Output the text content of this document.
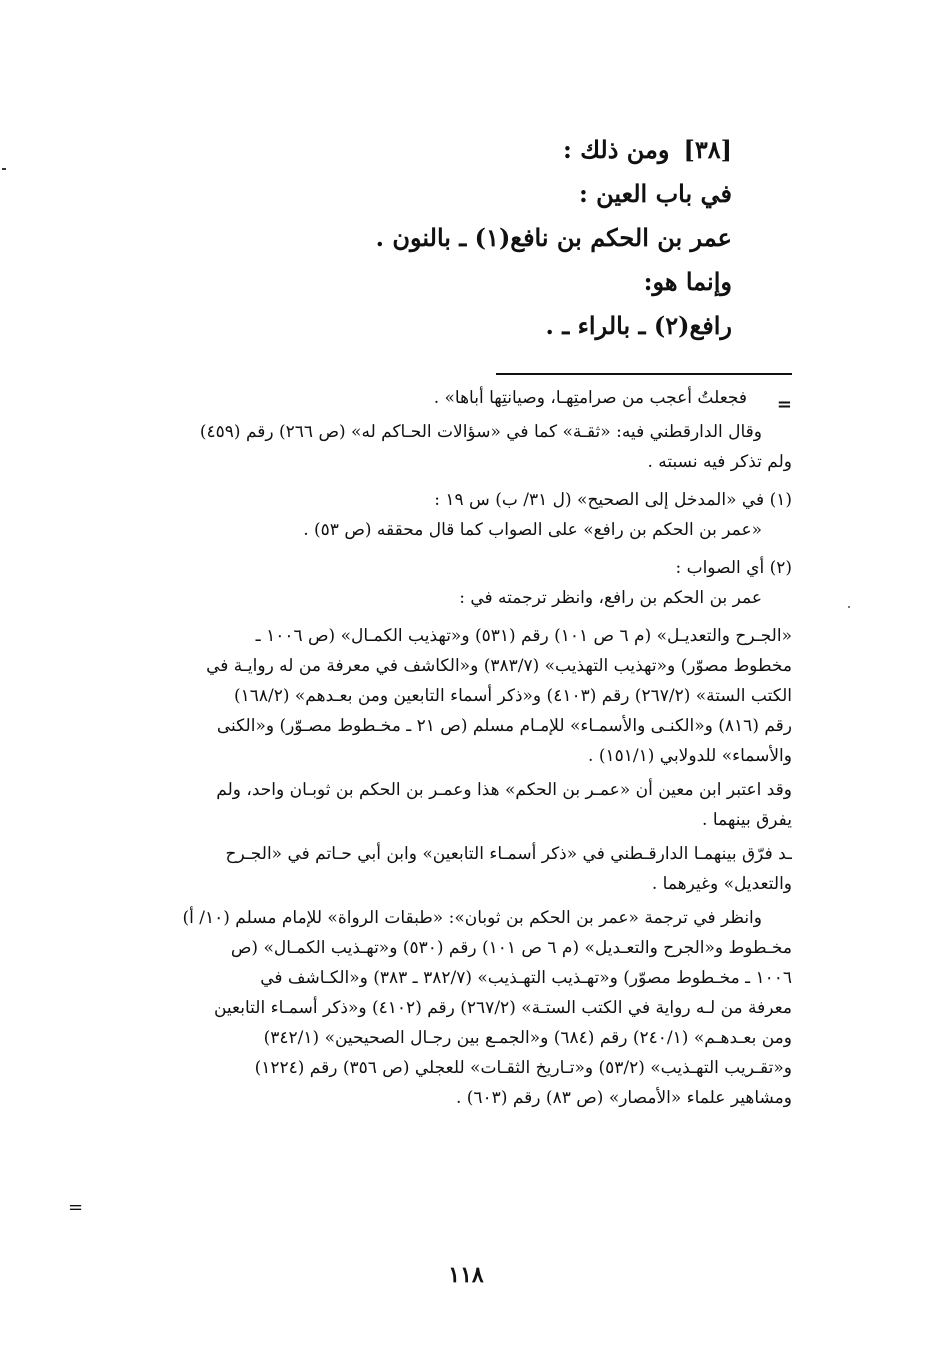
[٣٨]ومن ذلك :
في باب العين :
عمر بن الحكم بن نافع(١) ـ بالنون .
وإنما هو:
رافع(٢) ـ بالراء ـ .
=
فجعلتُ أعجب من صرامتِهـا، وصيانتِها أباها» .
وقال الدارقطني فيه: «ثقـة» كما في «سؤالات الحـاكم له» (ص ٢٦٦) رقم (٤٥٩)
ولم تذكر فيه نسبته .
(١) في «المدخل إلى الصحيح» (ل ٣١/ ب) س ١٩ :
«عمر بن الحكم بن رافع» على الصواب كما قال محققه (ص ٥٣) .
(٢) أي الصواب :
عمر بن الحكم بن رافع، وانظر ترجمته في :
«الجـرح والتعديـل» (م ٦ ص ١٠١) رقم (٥٣١) و«تهذيب الكمـال» (ص ١٠٠٦ ـ
مخطوط مصوّر) و«تهذيب التهذيب» (٣٨٣/٧) و«الكاشف في معرفة من له روايـة في
الكتب الستة» (٢٦٧/٢) رقم (٤١٠٣) و«ذكر أسماء التابعين ومن بعـدهم» (١٦٨/٢)
رقم (٨١٦) و«الكنـى والأسمـاء» للإمـام مسلم (ص ٢١ ـ مخـطوط مصـوّر) و«الكنى
والأسماء» للدولابي (١٥١/١) .
وقد اعتبر ابن معين أن «عمـر بن الحكم» هذا وعمـر بن الحكم بن ثوبـان واحد، ولم
يفرق بينهما .
ـد فرّق بينهمـا الدارقـطني في «ذكر أسمـاء التابعين» وابن أبي حـاتم في «الجـرح
والتعديل» وغيرهما .
وانظر في ترجمة «عمر بن الحكم بن ثوبان»: «طبقات الرواة» للإمام مسلم (١٠/ أ)
مخـطوط و«الجرح والتعـديل» (م ٦ ص ١٠١) رقم (٥٣٠) و«تهـذيب الكمـال» (ص
١٠٠٦ ـ مخـطوط مصوّر) و«تهـذيب التهـذيب» (٣٨٢/٧ ـ ٣٨٣) و«الكـاشف في
معرفة من لـه رواية في الكتب الستـة» (٢٦٧/٢) رقم (٤١٠٢) و«ذكر أسمـاء التابعين
ومن بعـدهـم» (٢٤٠/١) رقم (٦٨٤) و«الجمـع بين رجـال الصحيحين» (٣٤٢/١)
و«تقـريب التهـذيب» (٥٣/٢) و«تـاريخ الثقـات» للعجلي (ص ٣٥٦) رقم (١٢٢٤)
ومشاهير علماء «الأمصار» (ص ٨٣) رقم (٦٠٣) .
=
١١٨
